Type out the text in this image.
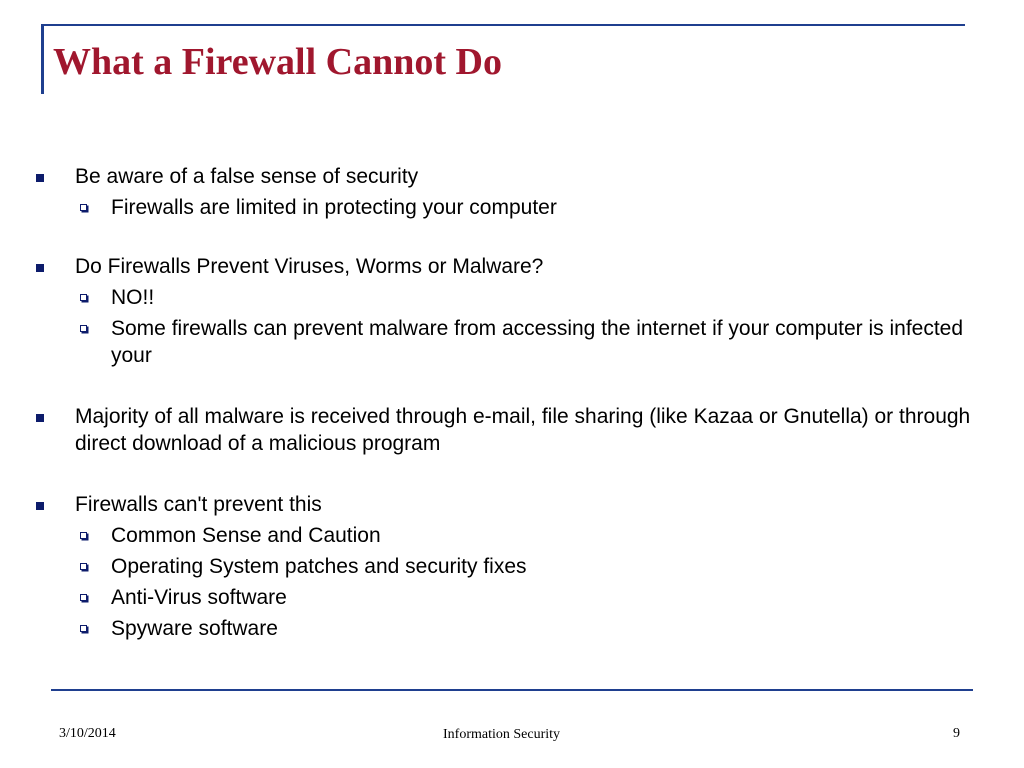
What a Firewall Cannot Do
Be aware of a false sense of security
Firewalls are limited in protecting your computer
Do Firewalls Prevent Viruses, Worms or Malware?
NO!!
Some firewalls can prevent malware from accessing the internet if your computer is infected your
Majority of all malware is received through e-mail, file sharing (like Kazaa or Gnutella) or through direct download of a malicious program
Firewalls can't prevent this
Common Sense and Caution
Operating System patches and security fixes
Anti-Virus software
Spyware software
3/10/2014	Information Security	9
